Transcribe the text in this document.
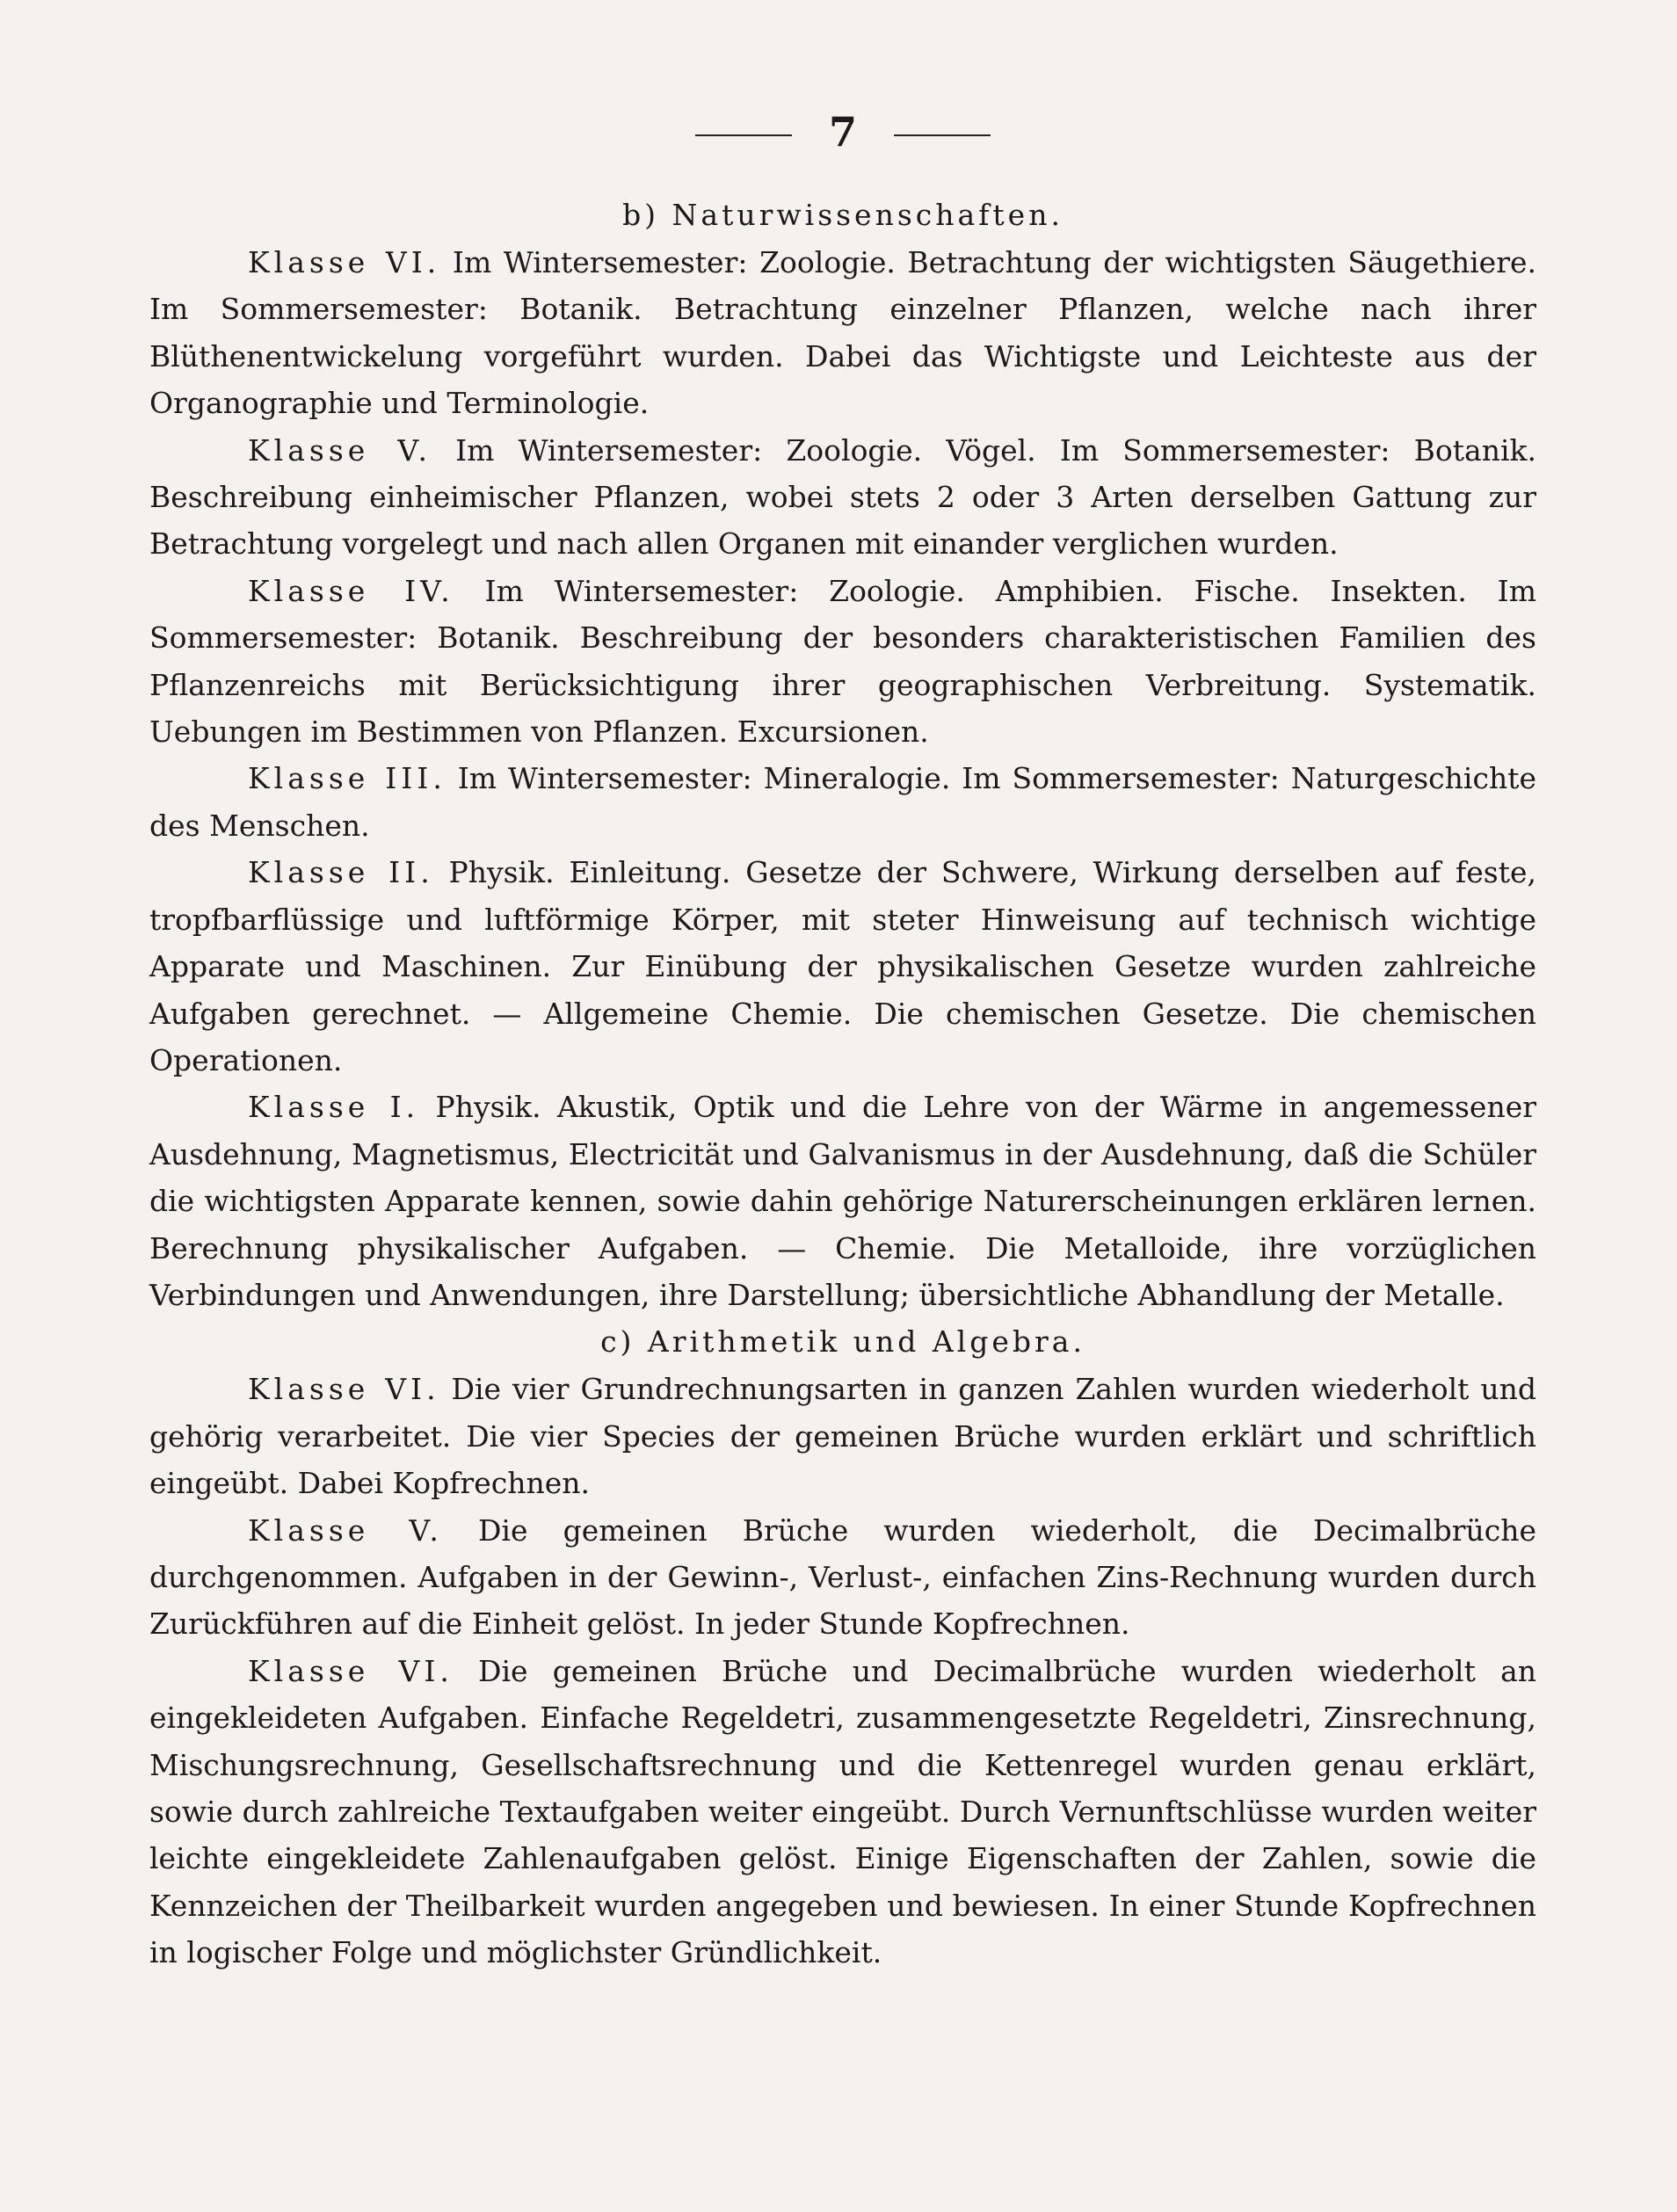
7
b) Naturwissenschaften.

Klasse VI. Im Wintersemester: Zoologie. Betrachtung der wichtigsten Säugethiere. Im Sommersemester: Botanik. Betrachtung einzelner Pflanzen, welche nach ihrer Blüthenentwickelung vorgeführt wurden. Dabei das Wichtigste und Leichteste aus der Organographie und Terminologie.

Klasse V. Im Wintersemester: Zoologie. Vögel. Im Sommersemester: Botanik. Beschreibung einheimischer Pflanzen, wobei stets 2 oder 3 Arten derselben Gattung zur Betrachtung vorgelegt und nach allen Organen mit einander verglichen wurden.

Klasse IV. Im Wintersemester: Zoologie. Amphibien. Fische. Insekten. Im Sommersemester: Botanik. Beschreibung der besonders charakteristischen Familien des Pflanzenreichs mit Berücksichtigung ihrer geographischen Verbreitung. Systematik. Uebungen im Bestimmen von Pflanzen. Excursionen.

Klasse III. Im Wintersemester: Mineralogie. Im Sommersemester: Naturgeschichte des Menschen.

Klasse II. Physik. Einleitung. Gesetze der Schwere, Wirkung derselben auf feste, tropfbarflüssige und luftförmige Körper, mit steter Hinweisung auf technisch wichtige Apparate und Maschinen. Zur Einübung der physikalischen Gesetze wurden zahlreiche Aufgaben gerechnet. — Allgemeine Chemie. Die chemischen Gesetze. Die chemischen Operationen.

Klasse I. Physik. Akustik, Optik und die Lehre von der Wärme in angemessener Ausdehnung, Magnetismus, Electricität und Galvanismus in der Ausdehnung, daß die Schüler die wichtigsten Apparate kennen, sowie dahin gehörige Naturerscheinungen erklären lernen. Berechnung physikalischer Aufgaben. — Chemie. Die Metalloide, ihre vorzüglichen Verbindungen und Anwendungen, ihre Darstellung; übersichtliche Abhandlung der Metalle.

c) Arithmetik und Algebra.

Klasse VI. Die vier Grundrechnungsarten in ganzen Zahlen wurden wiederholt und gehörig verarbeitet. Die vier Species der gemeinen Brüche wurden erklärt und schriftlich eingeübt. Dabei Kopfrechnen.

Klasse V. Die gemeinen Brüche wurden wiederholt, die Decimalbrüche durchgenommen. Aufgaben in der Gewinn-, Verlust-, einfachen Zins-Rechnung wurden durch Zurückführen auf die Einheit gelöst. In jeder Stunde Kopfrechnen.

Klasse VI. Die gemeinen Brüche und Decimalbrüche wurden wiederholt an eingekleideten Aufgaben. Einfache Regeldetri, zusammengesetzte Regeldetri, Zinsrechnung, Mischungsrechnung, Gesellschaftsrechnung und die Kettenregel wurden genau erklärt, sowie durch zahlreiche Textaufgaben weiter eingeübt. Durch Vernunftschlüsse wurden weiter leichte eingekleidete Zahlenaufgaben gelöst. Einige Eigenschaften der Zahlen, sowie die Kennzeichen der Theilbarkeit wurden angegeben und bewiesen. In einer Stunde Kopfrechnen in logischer Folge und möglichster Gründlichkeit.
